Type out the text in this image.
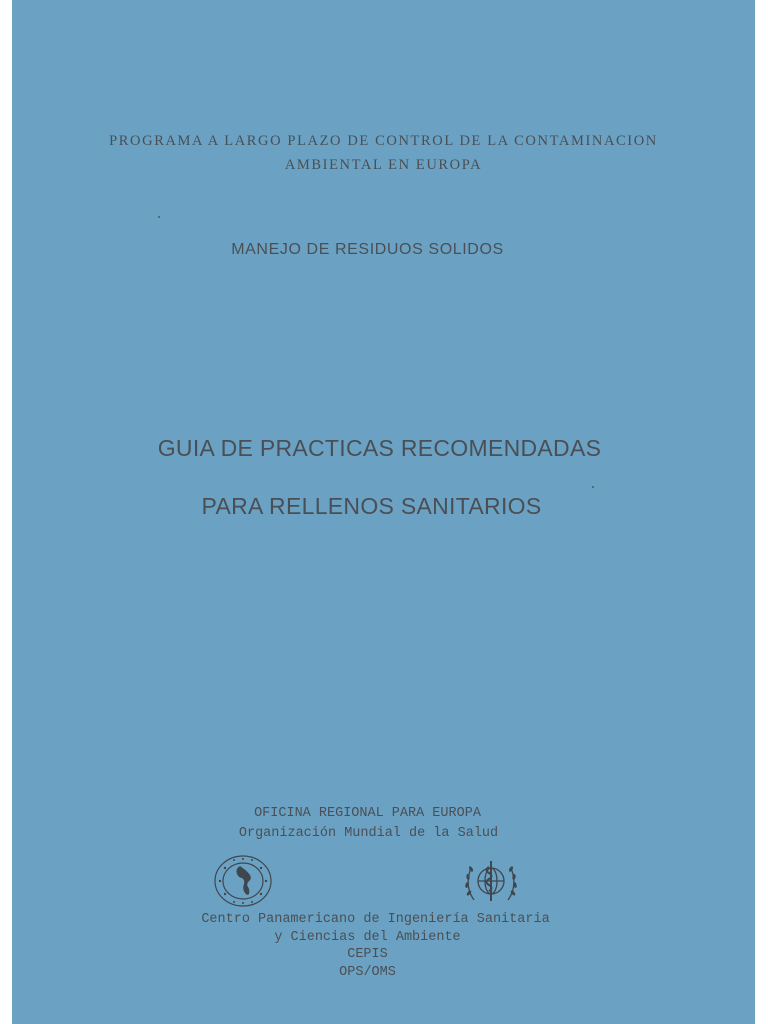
PROGRAMA A LARGO PLAZO DE CONTROL DE LA CONTAMINACION
AMBIENTAL EN EUROPA
MANEJO DE RESIDUOS SOLIDOS
GUIA DE PRACTICAS RECOMENDADAS
PARA RELLENOS SANITARIOS
OFICINA REGIONAL PARA EUROPA
Organización Mundial de la Salud
Centro Panamericano de Ingeniería Sanitaria
y Ciencias del Ambiente
CEPIS
OPS/OMS
